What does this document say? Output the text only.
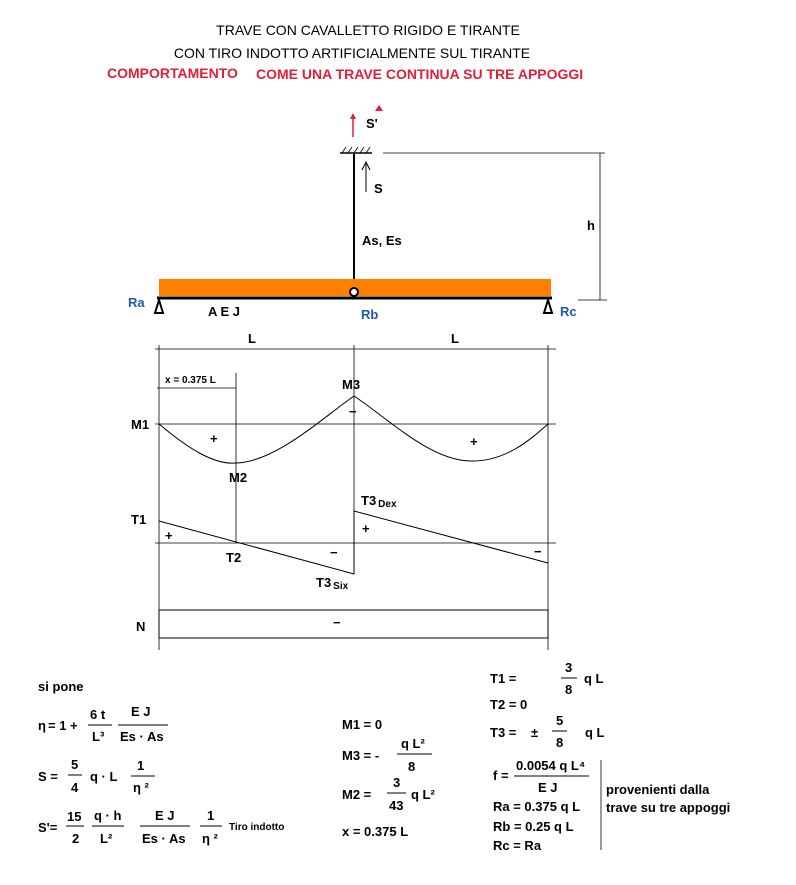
TRAVE CON CAVALLETTO RIGIDO E TIRANTE
CON TIRO INDOTTO ARTIFICIALMENTE SUL TIRANTE
COMPORTAMENTO COME UNA TRAVE CONTINUA SU TRE APPOGGI
S'
S
As, Es
h
Ra
Rb	Rc
A E J
L	L
x = 0.375 L
M1
M2
M3
+	+
−
T1
T2
T3 Six
T3 Dex
+
−
+
−
N	−
si pone
η = 1 +
6 t
L³
E J
Es · As
S =
5
4
q · L
1
η ²
S'=
15
2
q · h
L²
E J
Es · As
1
η ²
Tiro indotto
M1 = 0
M3 = -
q L²
8
M2 =
3
43
q L²
x = 0.375 L
T1 =
3
8
q L
T2 = 0
T3 = ±
5
8
q L
f =
0.0054 q L⁴
E J
Ra = 0.375 q L
Rb = 0.25 q L
Rc = Ra
provenienti dalla
trave su tre appoggi
